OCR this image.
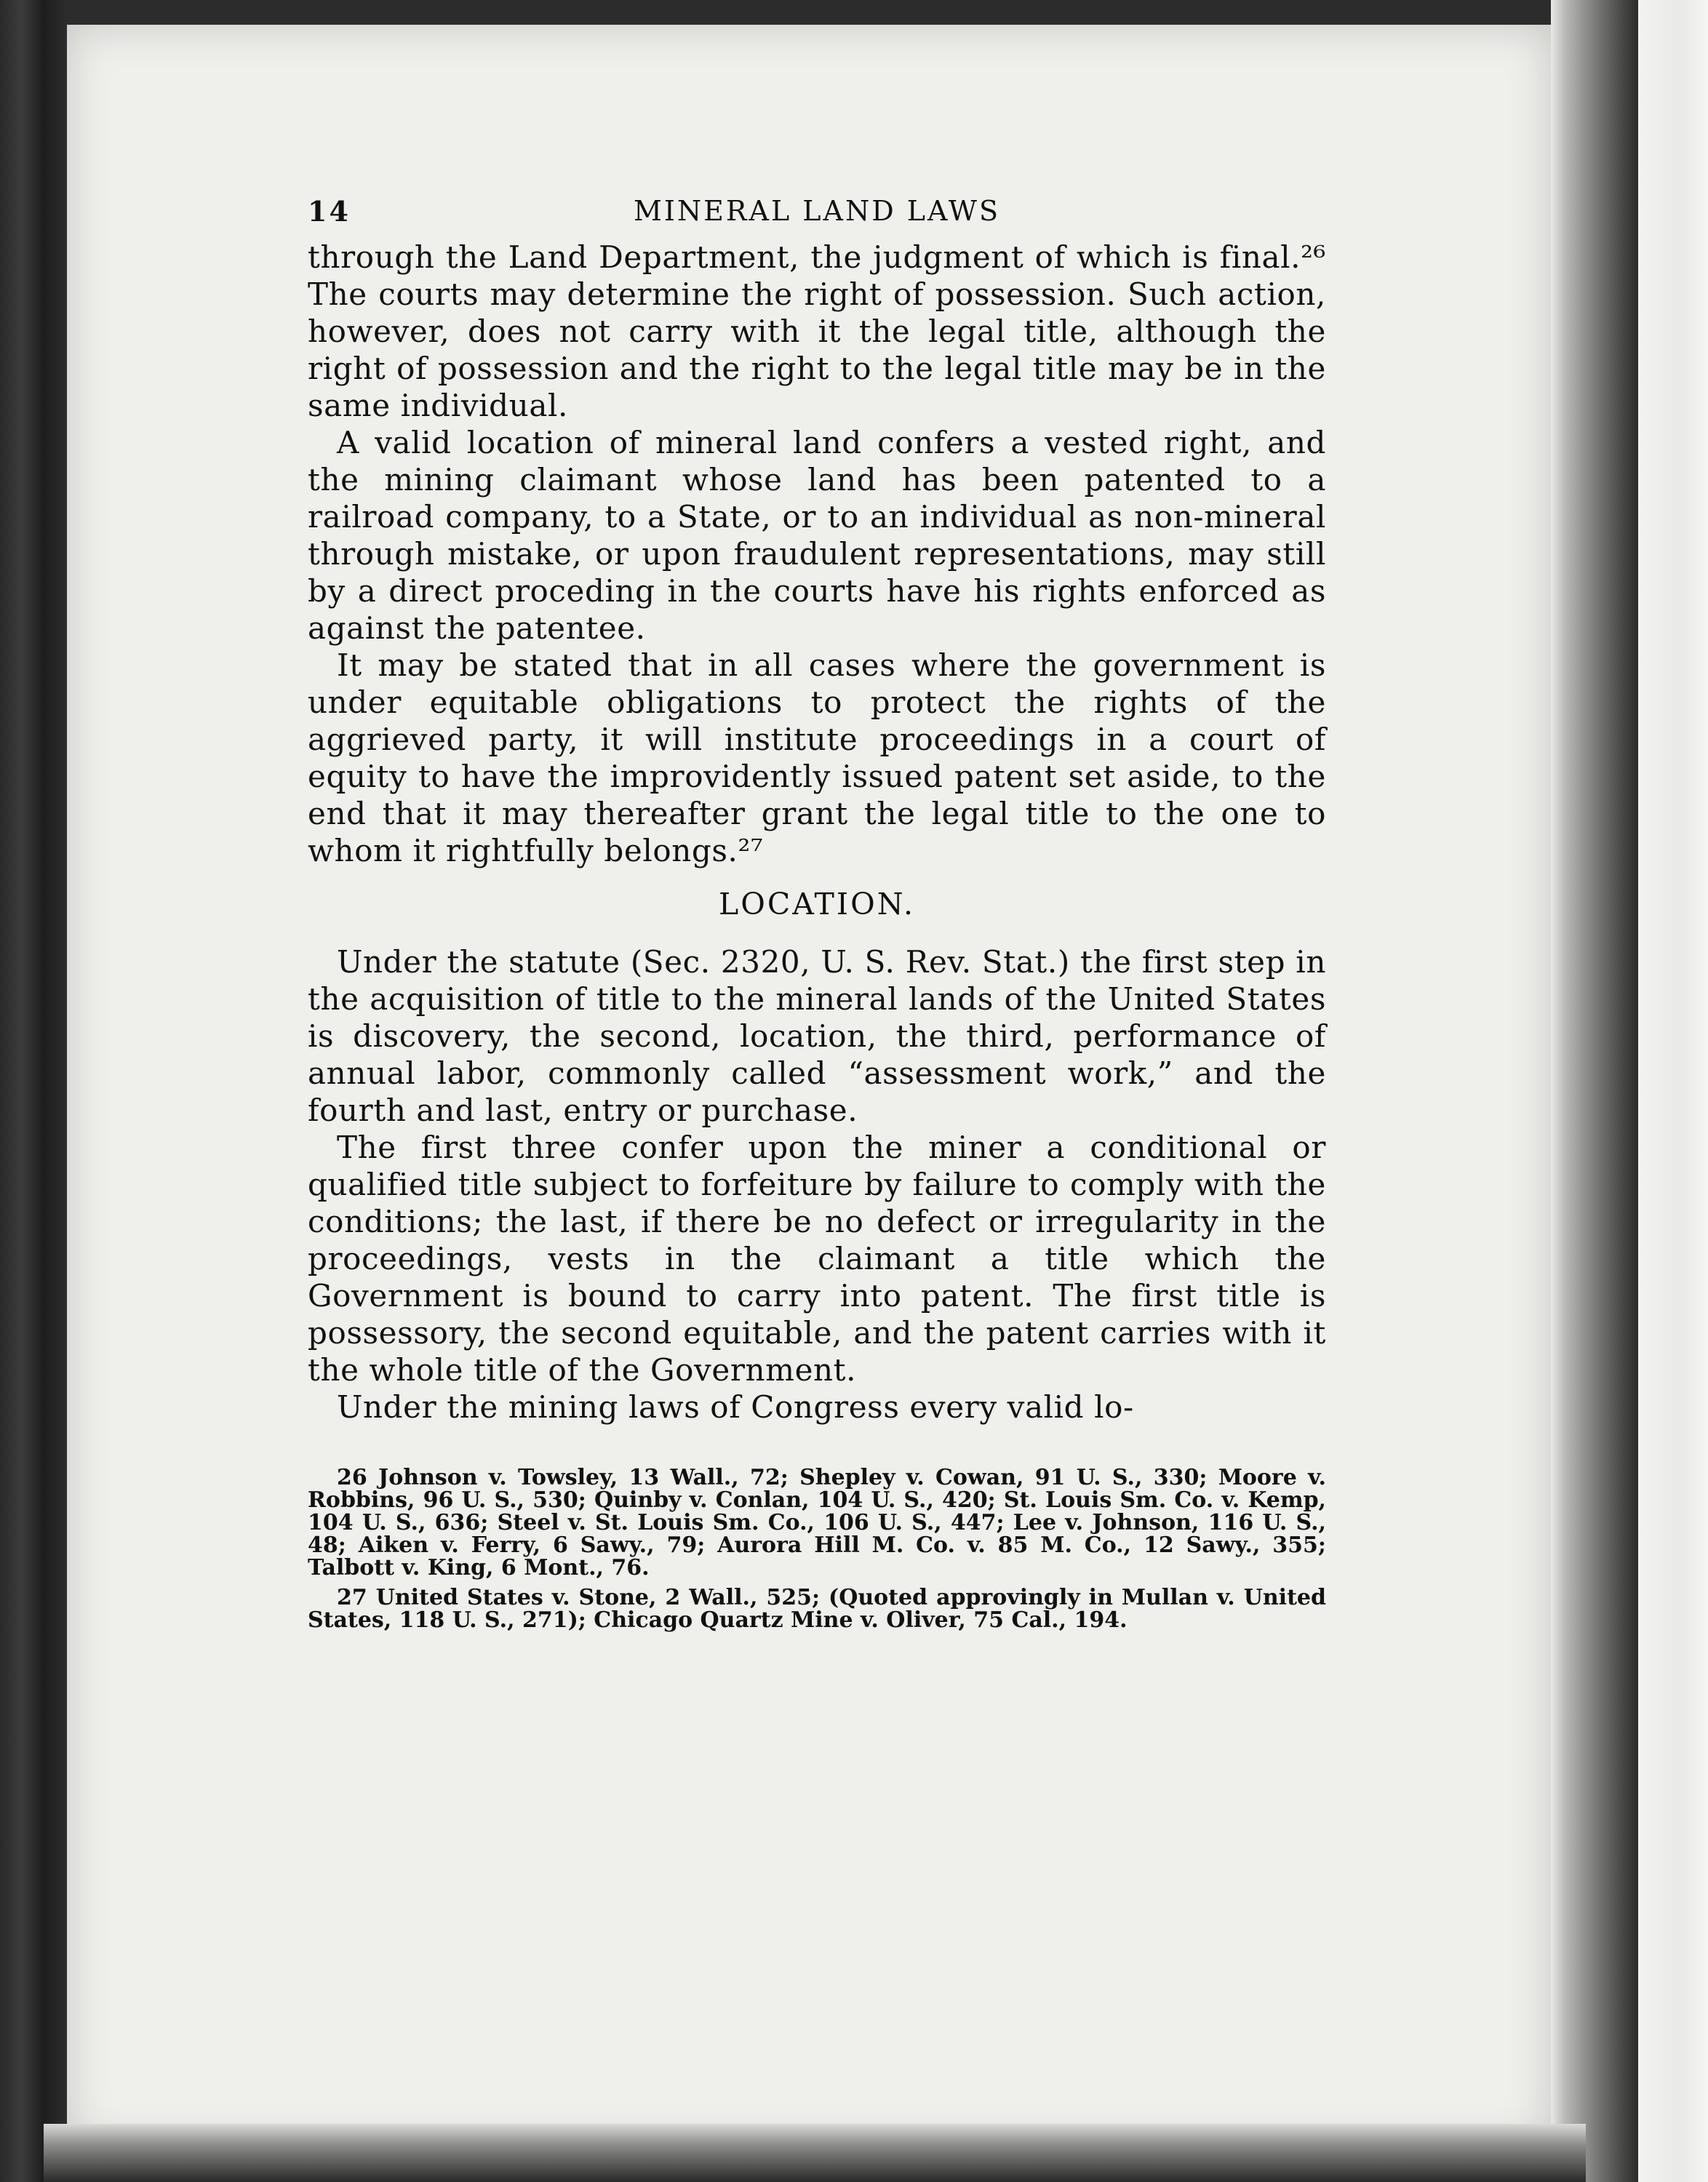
14	MINERAL LAND LAWS

through the Land Department, the judgment of which is final.²⁶ The courts may determine the right of possession. Such action, however, does not carry with it the legal title, although the right of possession and the right to the legal title may be in the same individual.

A valid location of mineral land confers a vested right, and the mining claimant whose land has been patented to a railroad company, to a State, or to an individual as non-mineral through mistake, or upon fraudulent representations, may still by a direct proceding in the courts have his rights enforced as against the patentee.

It may be stated that in all cases where the government is under equitable obligations to protect the rights of the aggrieved party, it will institute proceedings in a court of equity to have the improvidently issued patent set aside, to the end that it may thereafter grant the legal title to the one to whom it rightfully belongs.²⁷

LOCATION.

Under the statute (Sec. 2320, U. S. Rev. Stat.) the first step in the acquisition of title to the mineral lands of the United States is discovery, the second, location, the third, performance of annual labor, commonly called “assessment work,” and the fourth and last, entry or purchase.

The first three confer upon the miner a conditional or qualified title subject to forfeiture by failure to comply with the conditions; the last, if there be no defect or irregularity in the proceedings, vests in the claimant a title which the Government is bound to carry into patent. The first title is possessory, the second equitable, and the patent carries with it the whole title of the Government.

Under the mining laws of Congress every valid lo-

26 Johnson v. Towsley, 13 Wall., 72; Shepley v. Cowan, 91 U. S., 330; Moore v. Robbins, 96 U. S., 530; Quinby v. Conlan, 104 U. S., 420; St. Louis Sm. Co. v. Kemp, 104 U. S., 636; Steel v. St. Louis Sm. Co., 106 U. S., 447; Lee v. Johnson, 116 U. S., 48; Aiken v. Ferry, 6 Sawy., 79; Aurora Hill M. Co. v. 85 M. Co., 12 Sawy., 355; Talbott v. King, 6 Mont., 76.

27 United States v. Stone, 2 Wall., 525; (Quoted approvingly in Mullan v. United States, 118 U. S., 271); Chicago Quartz Mine v. Oliver, 75 Cal., 194.
